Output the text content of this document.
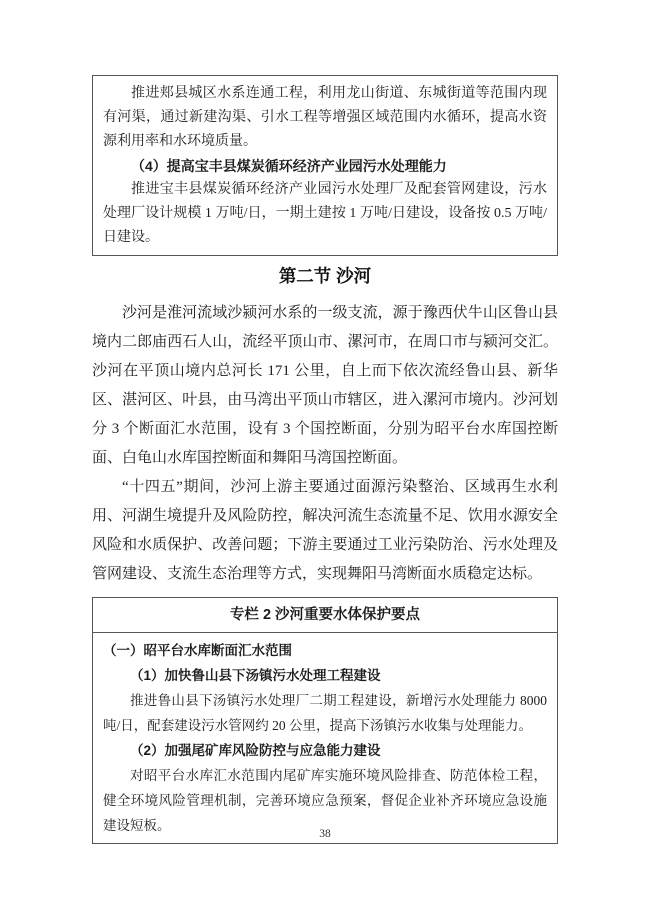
推进郏县城区水系连通工程，利用龙山街道、东城街道等范围内现有河渠，通过新建沟渠、引水工程等增强区域范围内水循环，提高水资源利用率和水环境质量。

（4）提高宝丰县煤炭循环经济产业园污水处理能力

推进宝丰县煤炭循环经济产业园污水处理厂及配套管网建设，污水处理厂设计规模 1 万吨/日，一期土建按 1 万吨/日建设，设备按 0.5 万吨/日建设。

第二节 沙河

沙河是淮河流域沙颍河水系的一级支流，源于豫西伏牛山区鲁山县境内二郎庙西石人山，流经平顶山市、漯河市，在周口市与颍河交汇。沙河在平顶山境内总河长 171 公里，自上而下依次流经鲁山县、新华区、湛河区、叶县，由马湾出平顶山市辖区，进入漯河市境内。沙河划分 3 个断面汇水范围，设有 3 个国控断面，分别为昭平台水库国控断面、白龟山水库国控断面和舞阳马湾国控断面。

“十四五”期间，沙河上游主要通过面源污染整治、区域再生水利用、河湖生境提升及风险防控，解决河流生态流量不足、饮用水源安全风险和水质保护、改善问题；下游主要通过工业污染防治、污水处理及管网建设、支流生态治理等方式，实现舞阳马湾断面水质稳定达标。

专栏 2 沙河重要水体保护要点

（一）昭平台水库断面汇水范围

（1）加快鲁山县下汤镇污水处理工程建设

推进鲁山县下汤镇污水处理厂二期工程建设，新增污水处理能力 8000 吨/日，配套建设污水管网约 20 公里，提高下汤镇污水收集与处理能力。

（2）加强尾矿库风险防控与应急能力建设

对昭平台水库汇水范围内尾矿库实施环境风险排查、防范体检工程，健全环境风险管理机制，完善环境应急预案，督促企业补齐环境应急设施建设短板。

38
